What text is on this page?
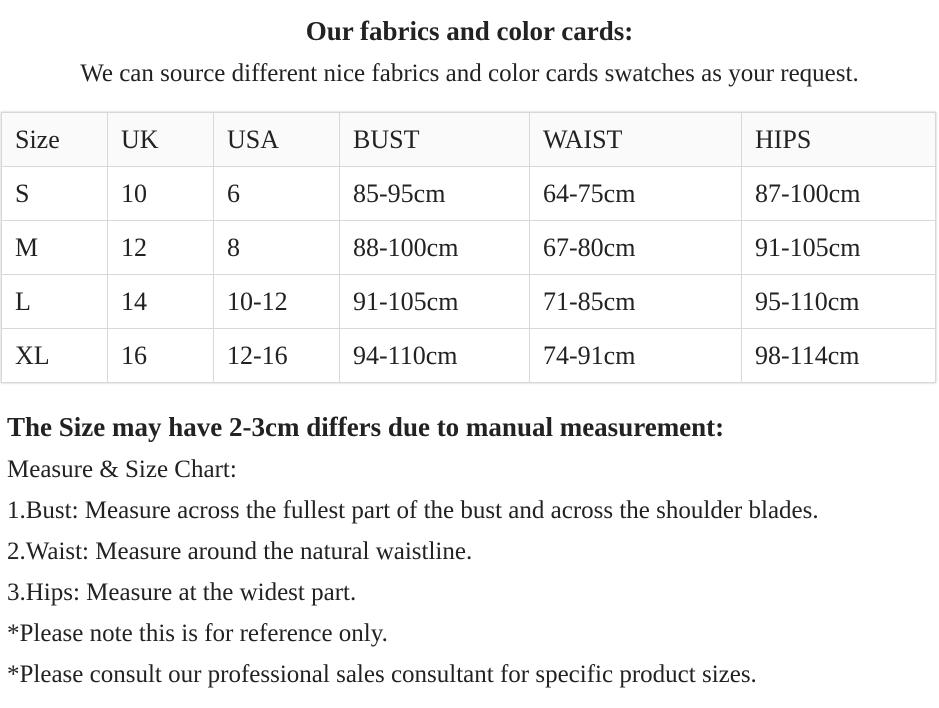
Our fabrics and color cards:

We can source different nice fabrics and color cards swatches as your request.

Size	UK	USA	BUST	WAIST	HIPS
S	10	6	85-95cm	64-75cm	87-100cm
M	12	8	88-100cm	67-80cm	91-105cm
L	14	10-12	91-105cm	71-85cm	95-110cm
XL	16	12-16	94-110cm	74-91cm	98-114cm

The Size may have 2-3cm differs due to manual measurement:

Measure & Size Chart:

1.Bust: Measure across the fullest part of the bust and across the shoulder blades.

2.Waist: Measure around the natural waistline.

3.Hips: Measure at the widest part.

*Please note this is for reference only.

*Please consult our professional sales consultant for specific product sizes.
